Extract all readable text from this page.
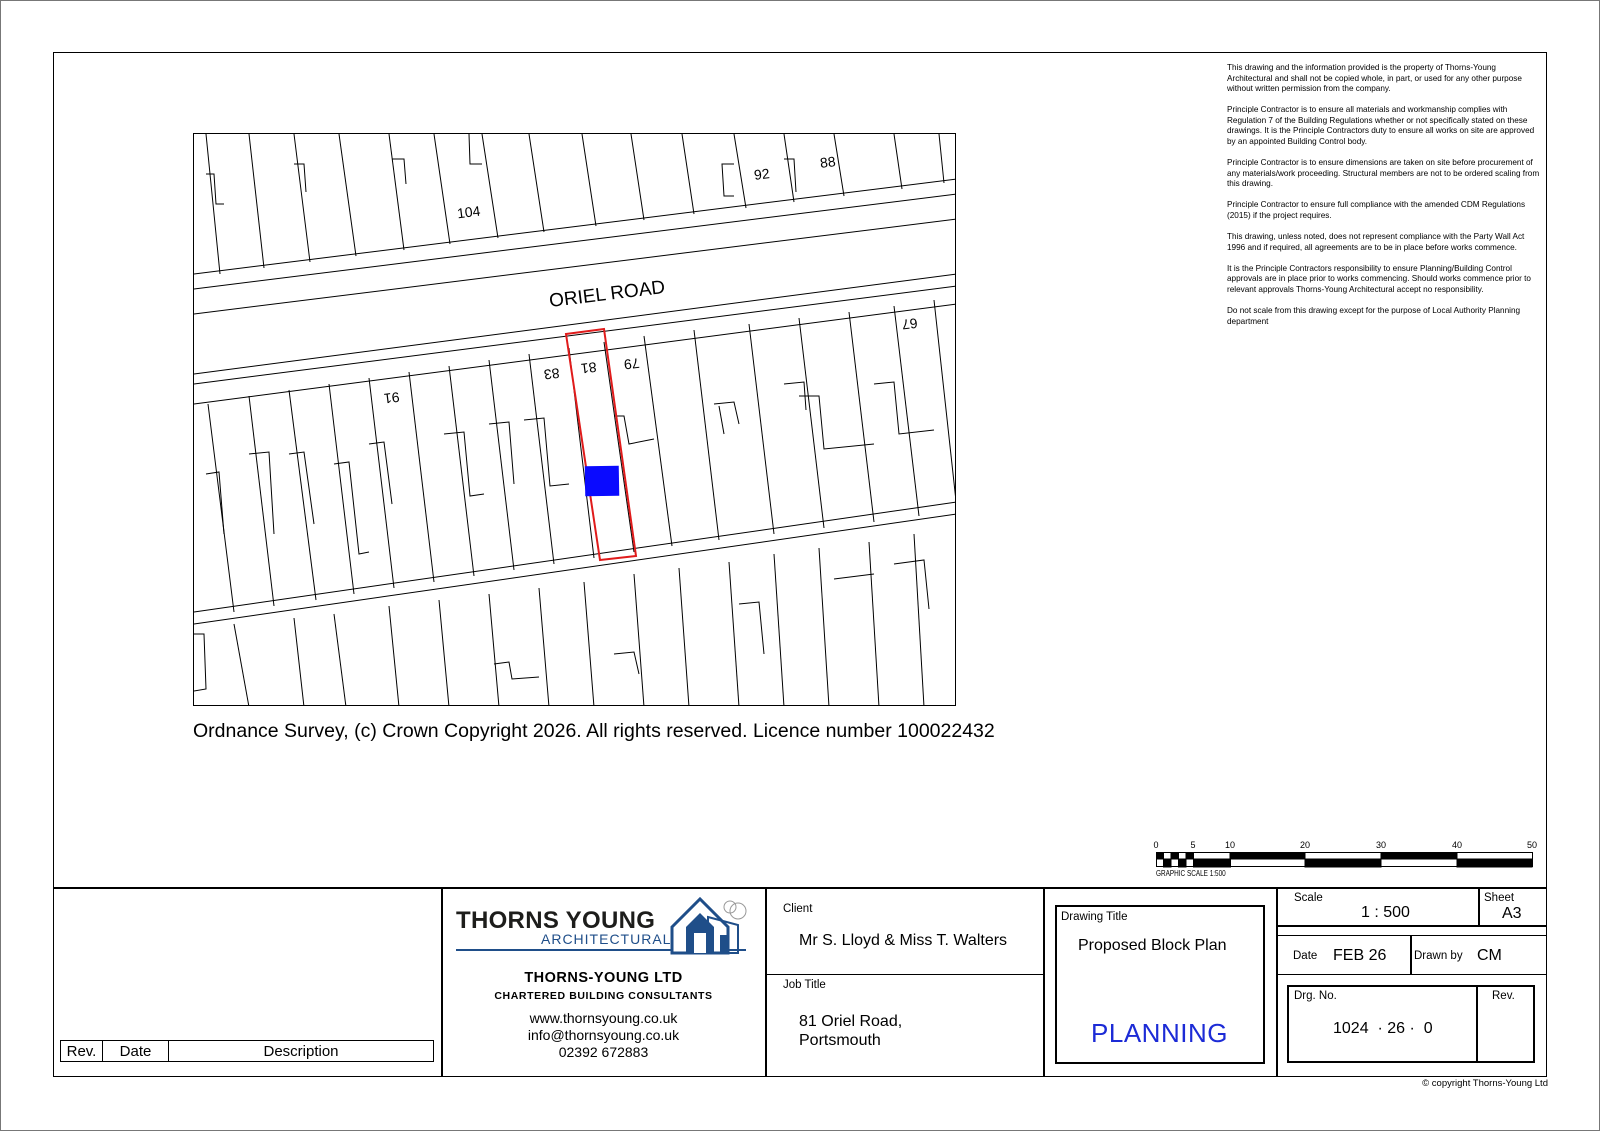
This drawing and the information provided is the property of Thorns-Young Architectural and shall not be copied whole, in part, or used for any other purpose without written permission from the company.

Principle Contractor is to ensure all materials and workmanship complies with Regulation 7 of the Building Regulations whether or not specifically stated on these drawings. It is the Principle Contractors duty to ensure all works on site are approved by an appointed Building Control body.

Principle Contractor is to ensure dimensions are taken on site before procurement of any materials/work proceeding. Structural members are not to be ordered scaling from this drawing.

Principle Contractor to ensure full compliance with the amended CDM Regulations (2015) if the project requires.

This drawing, unless noted, does not represent compliance with the Party Wall Act 1996 and if required, all agreements are to be in place before works commence.

It is the Principle Contractors responsibility to ensure Planning/Building Control approvals are in place prior to works commencing. Should works commence prior to relevant approvals Thorns-Young Architectural accept no responsibility.

Do not scale from this drawing except for the purpose of Local Authority Planning department

ORIEL ROAD
104
92
88
91
83 81 79
67
Ordnance Survey, (c) Crown Copyright 2026. All rights reserved. Licence number 100022432
0	5	10	20	30	40	50
GRAPHIC SCALE 1:500
Rev.	Date	Description
THORNS YOUNG
ARCHITECTURAL
THORNS-YOUNG LTD
CHARTERED BUILDING CONSULTANTS
www.thornsyoung.co.uk
info@thornsyoung.co.uk
02392 672883
Client
Mr S. Lloyd & Miss T. Walters
Job Title
81 Oriel Road,
Portsmouth
Drawing Title
Proposed Block Plan
PLANNING
Scale
1 : 500
Sheet
A3
Date FEB 26 Drawn by CM
Drg. No.
1024  · 26 ·  0
Rev.
© copyright Thorns-Young Ltd
